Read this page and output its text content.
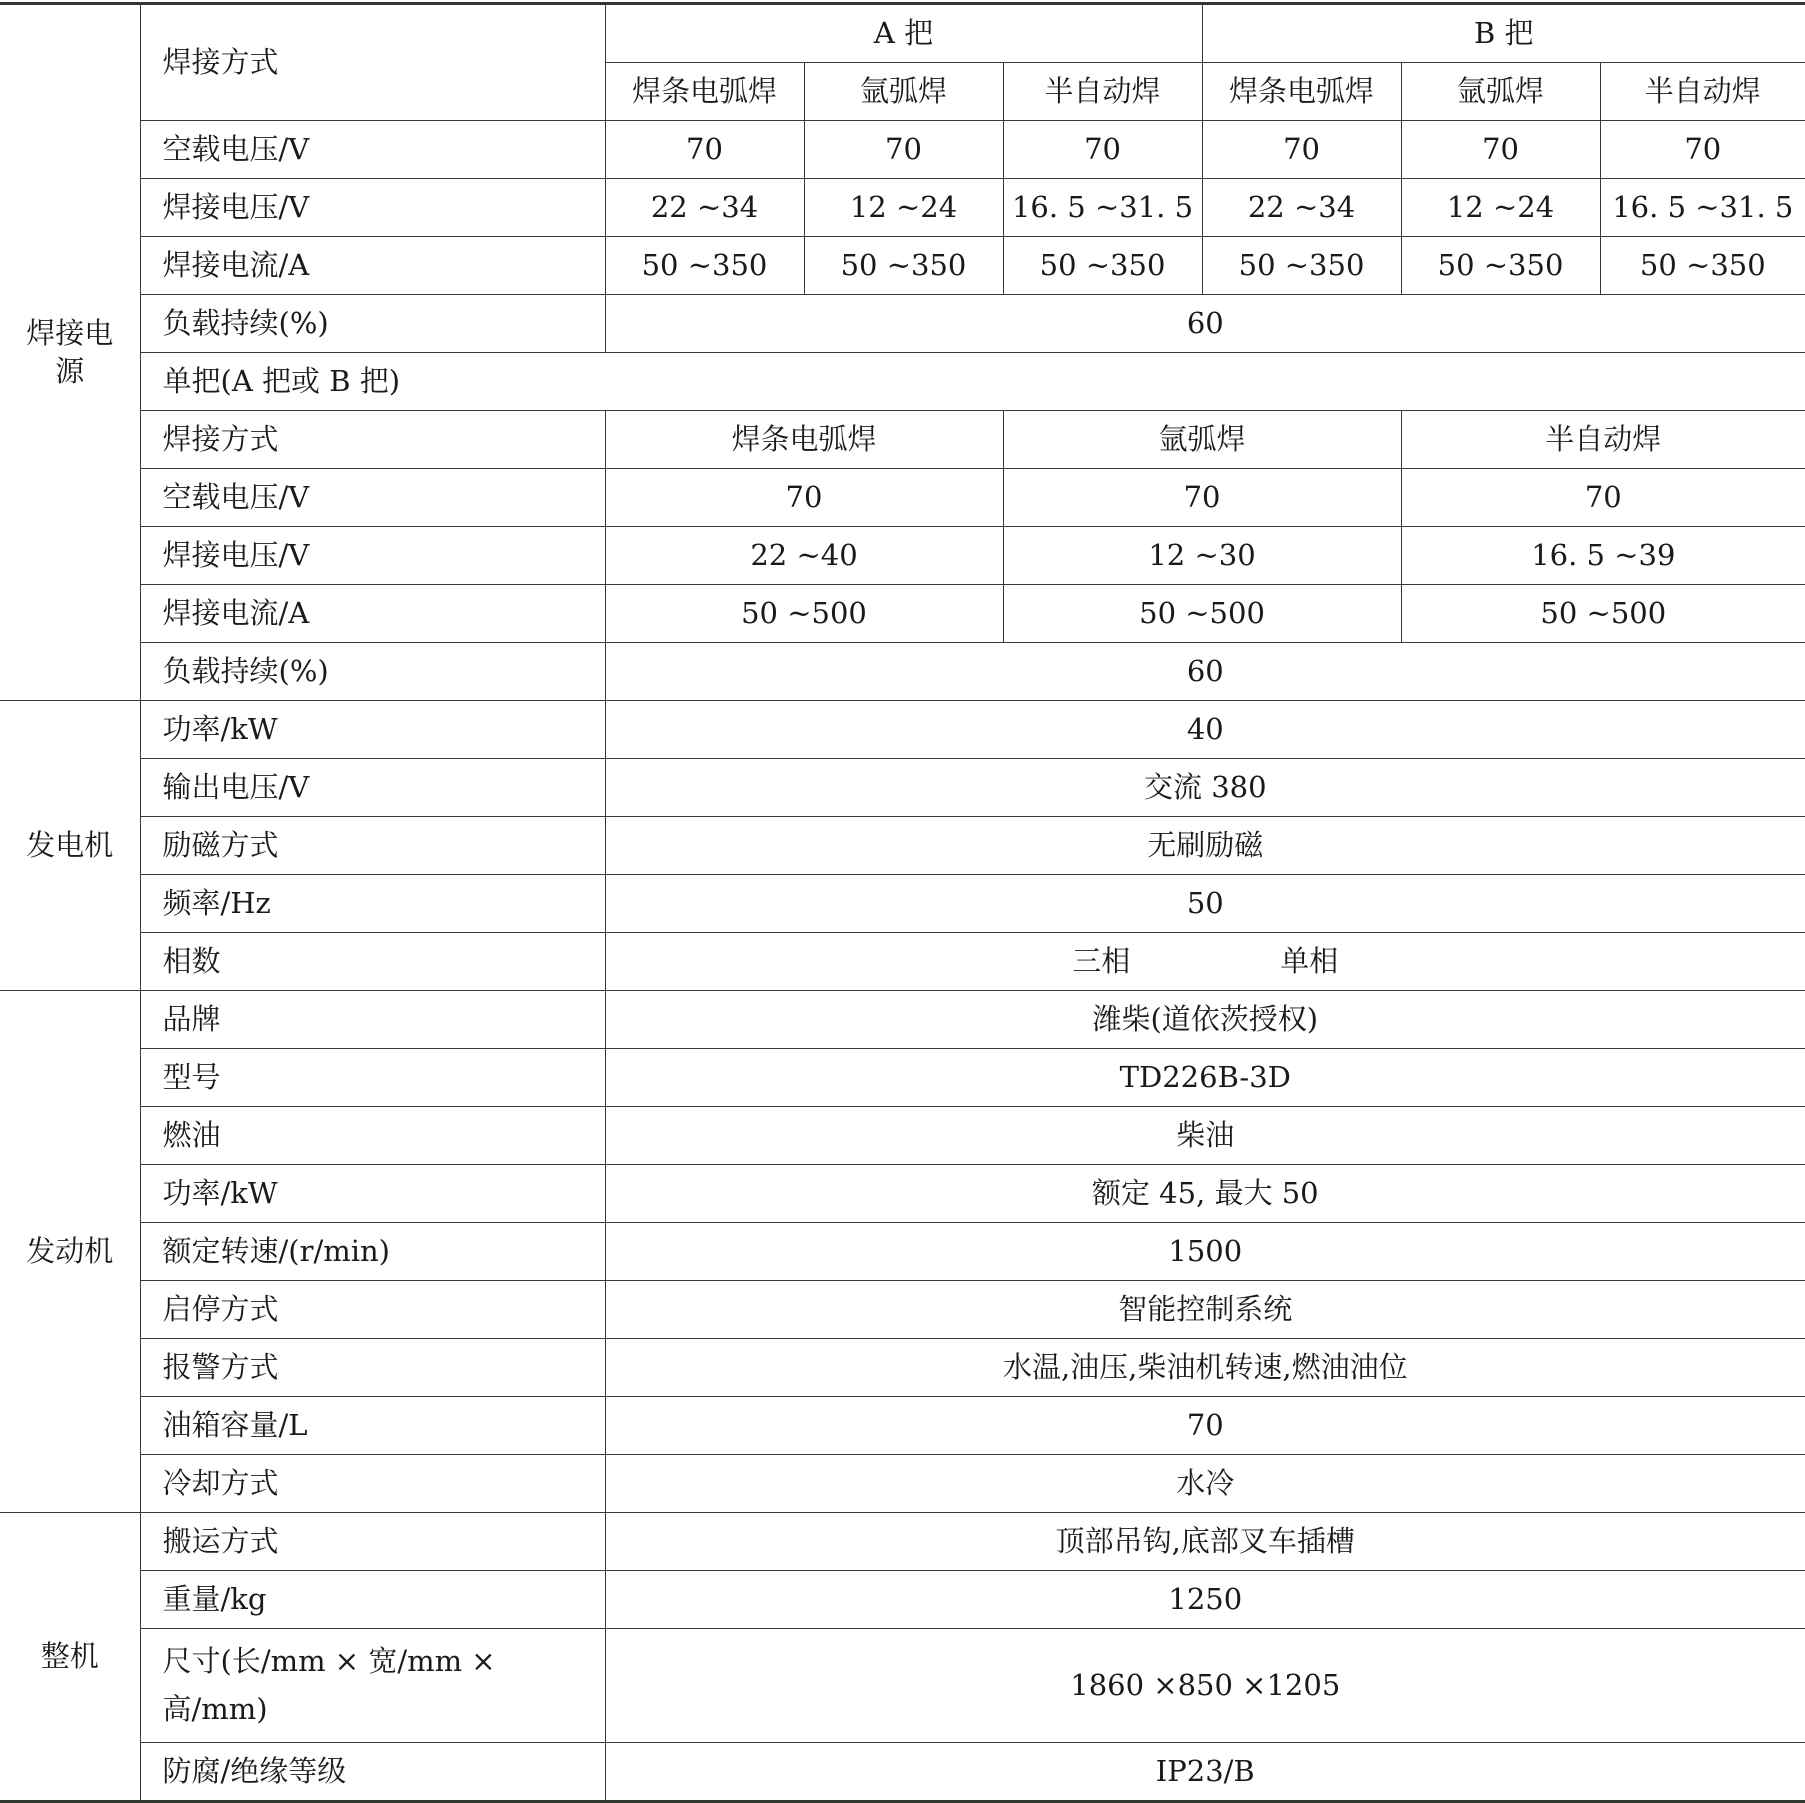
焊接电源	焊接方式	A 把			B 把		
		焊条电弧焊	氩弧焊	半自动焊	焊条电弧焊	氩弧焊	半自动焊
	空载电压/V	70	70	70	70	70	70
	焊接电压/V	22 ~34	12 ~24	16. 5 ~31. 5	22 ~34	12 ~24	16. 5 ~31. 5
	焊接电流/A	50 ~350	50 ~350	50 ~350	50 ~350	50 ~350	50 ~350
	负载持续(%)	60					
	单把(A 把或 B 把)						
	焊接方式	焊条电弧焊		氩弧焊		半自动焊	
	空载电压/V	70		70		70	
	焊接电压/V	22 ~40		12 ~30		16. 5 ~39	
	焊接电流/A	50 ~500		50 ~500		50 ~500	
	负载持续(%)	60					
发电机	功率/kW	40					
	输出电压/V	交流 380					
	励磁方式	无刷励磁					
	频率/Hz	50					
	相数	三相 单相					
发动机	品牌	潍柴(道依茨授权)					
	型号	TD226B-3D					
	燃油	柴油					
	功率/kW	额定 45, 最大 50					
	额定转速/(r/min)	1500					
	启停方式	智能控制系统					
	报警方式	水温,油压,柴油机转速,燃油油位					
	油箱容量/L	70					
	冷却方式	水冷					
整机	搬运方式	顶部吊钩,底部叉车插槽					
	重量/kg	1250					
	尺寸(长/mm × 宽/mm × 高/mm)	1860 ×850 ×1205					
	防腐/绝缘等级	IP23/B					
